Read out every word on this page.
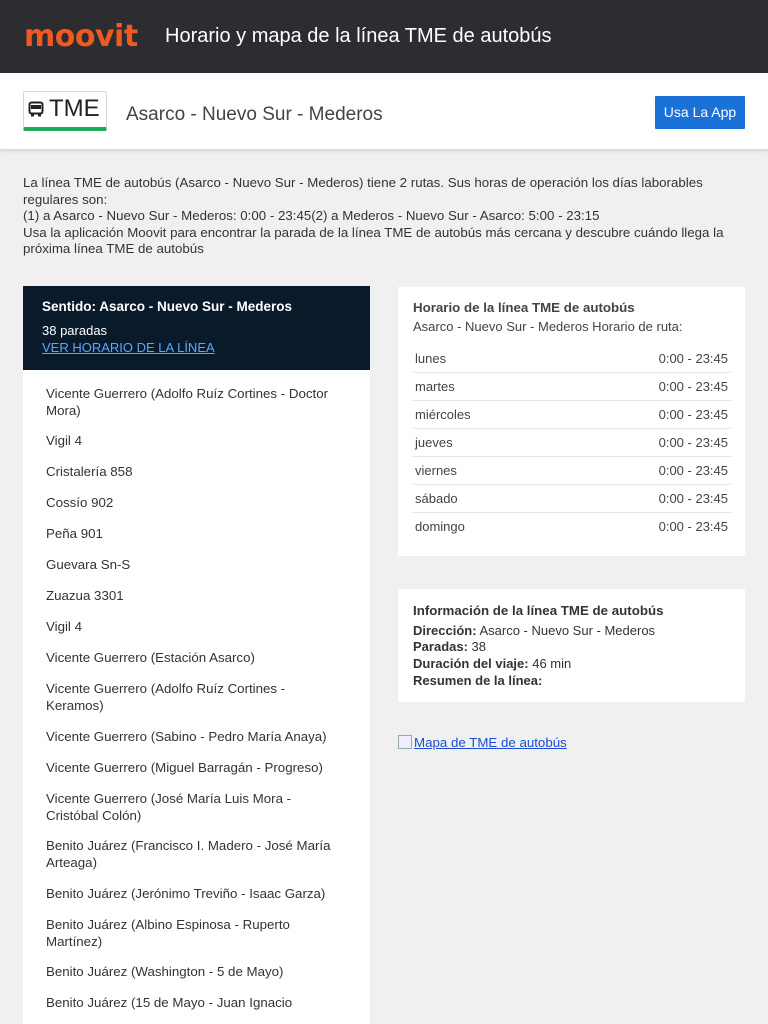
moovit Horario y mapa de la línea TME de autobús
TME Asarco - Nuevo Sur - Mederos	Usa La App
La línea TME de autobús (Asarco - Nuevo Sur - Mederos) tiene 2 rutas. Sus horas de operación los días laborables regulares son:
(1) a Asarco - Nuevo Sur - Mederos: 0:00 - 23:45(2) a Mederos - Nuevo Sur - Asarco: 5:00 - 23:15
Usa la aplicación Moovit para encontrar la parada de la línea TME de autobús más cercana y descubre cuándo llega la próxima línea TME de autobús
Sentido: Asarco - Nuevo Sur - Mederos
38 paradas
VER HORARIO DE LA LÍNEA
Vicente Guerrero (Adolfo Ruíz Cortines - Doctor Mora)
Vigil 4
Cristalería 858
Cossío 902
Peña 901
Guevara Sn-S
Zuazua 3301
Vigil 4
Vicente Guerrero (Estación Asarco)
Vicente Guerrero (Adolfo Ruíz Cortines - Keramos)
Vicente Guerrero (Sabino - Pedro María Anaya)
Vicente Guerrero (Miguel Barragán - Progreso)
Vicente Guerrero (José María Luis Mora - Cristóbal Colón)
Benito Juárez (Francisco I. Madero - José María Arteaga)
Benito Juárez (Jerónimo Treviño - Isaac Garza)
Benito Juárez (Albino Espinosa - Ruperto Martínez)
Benito Juárez (Washington - 5 de Mayo)
Benito Juárez (15 de Mayo - Juan Ignacio
Horario de la línea TME de autobús
Asarco - Nuevo Sur - Mederos Horario de ruta:
lunes	0:00 - 23:45
martes	0:00 - 23:45
miércoles	0:00 - 23:45
jueves	0:00 - 23:45
viernes	0:00 - 23:45
sábado	0:00 - 23:45
domingo	0:00 - 23:45
Información de la línea TME de autobús
Dirección: Asarco - Nuevo Sur - Mederos
Paradas: 38
Duración del viaje: 46 min
Resumen de la línea:
Mapa de TME de autobús
